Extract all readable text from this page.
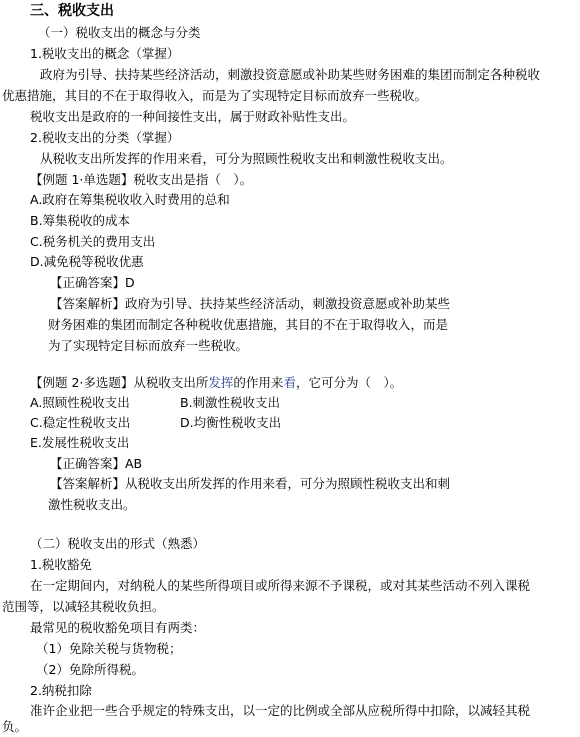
三、税收支出
（一）税收支出的概念与分类
1.税收支出的概念（掌握）
政府为引导、扶持某些经济活动，刺激投资意愿或补助某些财务困难的集团而制定各种税收
优惠措施，其目的不在于取得收入，而是为了实现特定目标而放弃一些税收。
税收支出是政府的一种间接性支出，属于财政补贴性支出。
2.税收支出的分类（掌握）
从税收支出所发挥的作用来看，可分为照顾性税收支出和刺激性税收支出。
【例题 1·单选题】税收支出是指（　）。
A.政府在筹集税收收入时费用的总和
B.筹集税收的成本
C.税务机关的费用支出
D.减免税等税收优惠
【正确答案】D
【答案解析】政府为引导、扶持某些经济活动，刺激投资意愿或补助某些
财务困难的集团而制定各种税收优惠措施，其目的不在于取得收入，而是
为了实现特定目标而放弃一些税收。
【例题 2·多选题】从税收支出所发挥的作用来看，它可分为（　）。
A.照顾性税收支出	B.刺激性税收支出
C.稳定性税收支出	D.均衡性税收支出
E.发展性税收支出
【正确答案】AB
【答案解析】从税收支出所发挥的作用来看，可分为照顾性税收支出和刺
激性税收支出。
（二）税收支出的形式（熟悉）
1.税收豁免
在一定期间内，对纳税人的某些所得项目或所得来源不予课税，或对其某些活动不列入课税
范围等，以减轻其税收负担。
最常见的税收豁免项目有两类：
（1）免除关税与货物税；
（2）免除所得税。
2.纳税扣除
准许企业把一些合乎规定的特殊支出，以一定的比例或全部从应税所得中扣除，以减轻其税
负。
